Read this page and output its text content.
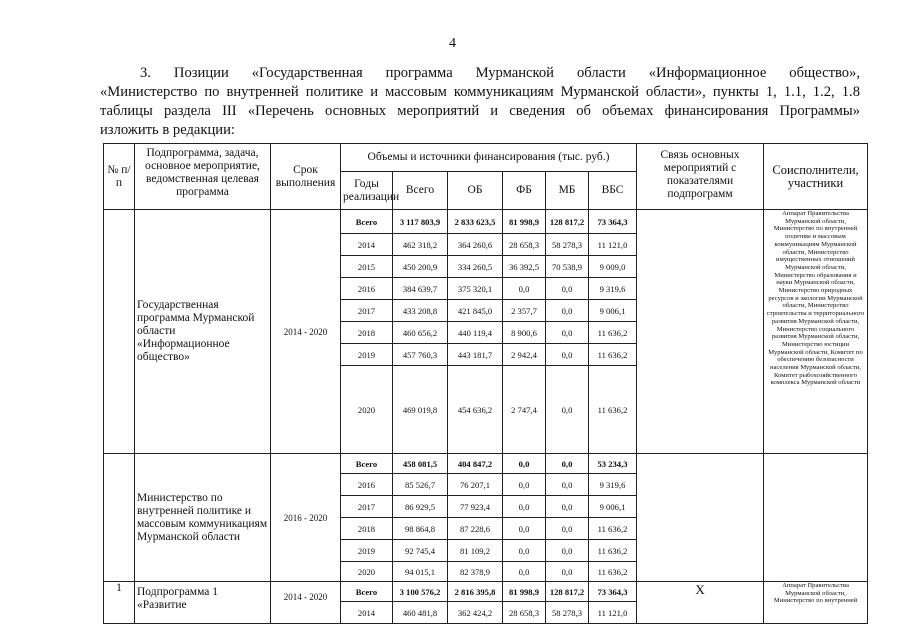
4
3. Позиции «Государственная программа Мурманской области «Информационное общество»,
«Министерство по внутренней политике и массовым коммуникациям Мурманской области», пункты 1, 1.1, 1.2, 1.8
таблицы раздела III «Перечень основных мероприятий и сведения об объемах финансирования Программы»
изложить в редакции:
№ п/п	Подпрограмма, задача, основное мероприятие, ведомственная целевая программа	Срок выполнения	Объемы и источники финансирования (тыс. руб.)						Связь основных мероприятий с показателями подпрограмм	Соисполнители, участники
			Годы реализации	Всего	ОБ	ФБ	МБ	ВБС		
	Государственная программа Мурманской области «Информационное общество»	2014 - 2020	Всего	3 117 803,9	2 833 623,5	81 998,9	128 817,2	73 364,3		Аппарат Правительства Мурманской области, Министерство по внутренней политике и массовым коммуникациям Мурманской области, Министерство имущественных отношений Мурманской области, Министерство образования и науки Мурманской области, Министерство природных ресурсов и экологии Мурманской области, Министерство строительства и территориального развития Мурманской области, Министерство социального развития Мурманской области, Министерство юстиции Мурманской области, Комитет по обеспечению безопасности населения Мурманской области, Комитет рыбохозяйственного комплекса Мурманской области
			2014	462 318,2	364 260,6	28 658,3	58 278,3	11 121,0		
			2015	450 200,9	334 260,5	36 392,5	70 538,9	9 009,0		
			2016	384 639,7	375 320,1	0,0	0,0	9 319,6		
			2017	433 208,8	421 845,0	2 357,7	0,0	9 006,1		
			2018	460 656,2	440 119,4	8 900,6	0,0	11 636,2		
			2019	457 760,3	443 181,7	2 942,4	0,0	11 636,2		
			2020	469 019,8	454 636,2	2 747,4	0,0	11 636,2		
	Министерство по внутренней политике и массовым коммуникациям Мурманской области	2016 - 2020	Всего	458 081,5	404 847,2	0,0	0,0	53 234,3		
			2016	85 526,7	76 207,1	0,0	0,0	9 319,6		
			2017	86 929,5	77 923,4	0,0	0,0	9 006,1		
			2018	98 864,8	87 228,6	0,0	0,0	11 636,2		
			2019	92 745,4	81 109,2	0,0	0,0	11 636,2		
			2020	94 015,1	82 378,9	0,0	0,0	11 636,2		
1	Подпрограмма 1
«Развитие	2014 - 2020	Всего	3 100 576,2	2 816 395,8	81 998,9	128 817,2	73 364,3	Х	Аппарат Правительства Мурманской области, Министерство по внутренней
			2014	460 481,8	362 424,2	28 658,3	58 278,3	11 121,0		
